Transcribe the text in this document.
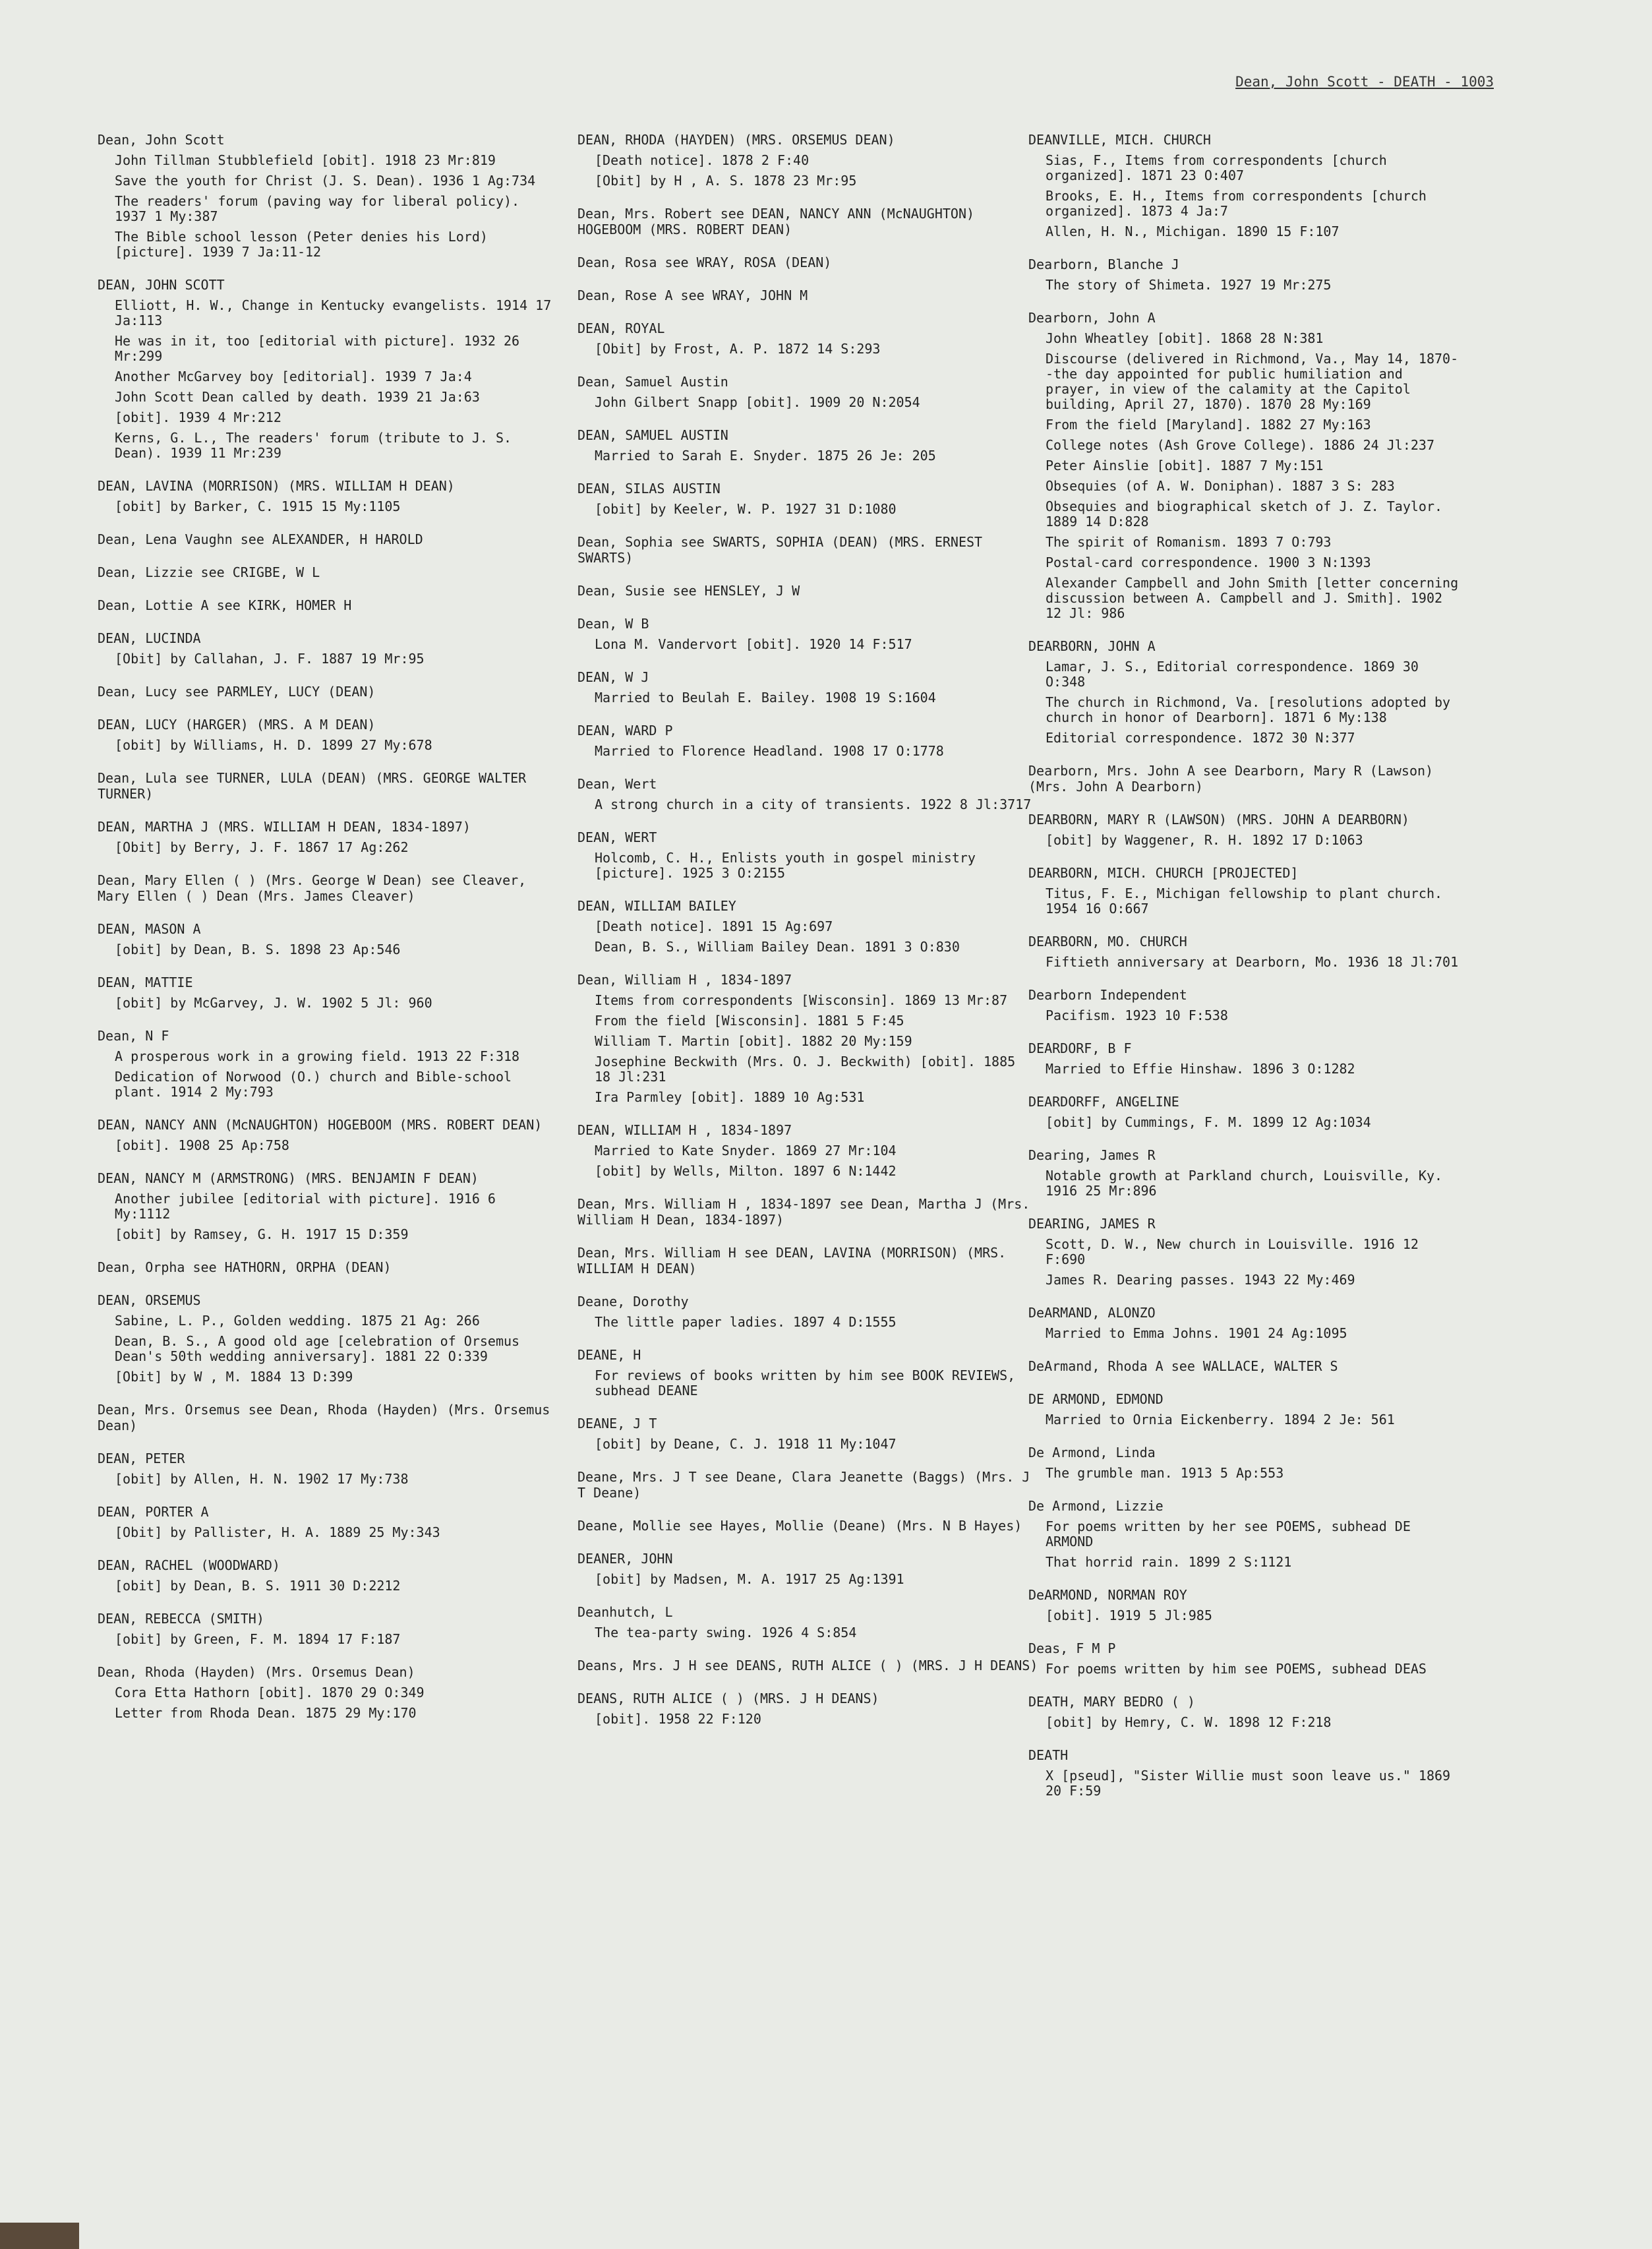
Dean, John Scott - DEATH - 1003
Dean, John Scott
John Tillman Stubblefield [obit]. 1918 23 Mr:819
Save the youth for Christ (J. S. Dean). 1936 1 Ag:734
The readers' forum (paving way for liberal policy). 1937 1 My:387
The Bible school lesson (Peter denies his Lord) [picture]. 1939 7 Ja:11-12
DEAN, JOHN SCOTT
Elliott, H. W., Change in Kentucky evangelists. 1914 17 Ja:113
He was in it, too [editorial with picture]. 1932 26 Mr:299
Another McGarvey boy [editorial]. 1939 7 Ja:4
John Scott Dean called by death. 1939 21 Ja:63
[obit]. 1939 4 Mr:212
Kerns, G. L., The readers' forum (tribute to J. S. Dean). 1939 11 Mr:239
DEAN, LAVINA (MORRISON) (MRS. WILLIAM H DEAN)
[obit] by Barker, C. 1915 15 My:1105
Dean, Lena Vaughn see ALEXANDER, H HAROLD
Dean, Lizzie see CRIGBE, W L
Dean, Lottie A see KIRK, HOMER H
DEAN, LUCINDA
[Obit] by Callahan, J. F. 1887 19 Mr:95
Dean, Lucy see PARMLEY, LUCY (DEAN)
DEAN, LUCY (HARGER) (MRS. A M DEAN)
[obit] by Williams, H. D. 1899 27 My:678
Dean, Lula see TURNER, LULA (DEAN) (MRS. GEORGE WALTER TURNER)
DEAN, MARTHA J (MRS. WILLIAM H DEAN, 1834-1897)
[Obit] by Berry, J. F. 1867 17 Ag:262
Dean, Mary Ellen ( ) (Mrs. George W Dean) see Cleaver, Mary Ellen ( ) Dean (Mrs. James Cleaver)
DEAN, MASON A
[obit] by Dean, B. S. 1898 23 Ap:546
DEAN, MATTIE
[obit] by McGarvey, J. W. 1902 5 Jl: 960
Dean, N F
A prosperous work in a growing field. 1913 22 F:318
Dedication of Norwood (O.) church and Bible-school plant. 1914 2 My:793
DEAN, NANCY ANN (McNAUGHTON) HOGEBOOM (MRS. ROBERT DEAN)
[obit]. 1908 25 Ap:758
DEAN, NANCY M (ARMSTRONG) (MRS. BENJAMIN F DEAN)
Another jubilee [editorial with picture]. 1916 6 My:1112
[obit] by Ramsey, G. H. 1917 15 D:359
Dean, Orpha see HATHORN, ORPHA (DEAN)
DEAN, ORSEMUS
Sabine, L. P., Golden wedding. 1875 21 Ag: 266
Dean, B. S., A good old age [celebration of Orsemus Dean's 50th wedding anniversary]. 1881 22 O:339
[Obit] by W , M. 1884 13 D:399
Dean, Mrs. Orsemus see Dean, Rhoda (Hayden) (Mrs. Orsemus Dean)
DEAN, PETER
[obit] by Allen, H. N. 1902 17 My:738
DEAN, PORTER A
[Obit] by Pallister, H. A. 1889 25 My:343
DEAN, RACHEL (WOODWARD)
[obit] by Dean, B. S. 1911 30 D:2212
DEAN, REBECCA (SMITH)
[obit] by Green, F. M. 1894 17 F:187
Dean, Rhoda (Hayden) (Mrs. Orsemus Dean)
Cora Etta Hathorn [obit]. 1870 29 O:349
Letter from Rhoda Dean. 1875 29 My:170
DEAN, RHODA (HAYDEN) (MRS. ORSEMUS DEAN)
[Death notice]. 1878 2 F:40
[Obit] by H , A. S. 1878 23 Mr:95
Dean, Mrs. Robert see DEAN, NANCY ANN (McNAUGHTON) HOGEBOOM (MRS. ROBERT DEAN)
Dean, Rosa see WRAY, ROSA (DEAN)
Dean, Rose A see WRAY, JOHN M
DEAN, ROYAL
[Obit] by Frost, A. P. 1872 14 S:293
Dean, Samuel Austin
John Gilbert Snapp [obit]. 1909 20 N:2054
DEAN, SAMUEL AUSTIN
Married to Sarah E. Snyder. 1875 26 Je: 205
DEAN, SILAS AUSTIN
[obit] by Keeler, W. P. 1927 31 D:1080
Dean, Sophia see SWARTS, SOPHIA (DEAN) (MRS. ERNEST SWARTS)
Dean, Susie see HENSLEY, J W
Dean, W B
Lona M. Vandervort [obit]. 1920 14 F:517
DEAN, W J
Married to Beulah E. Bailey. 1908 19 S:1604
DEAN, WARD P
Married to Florence Headland. 1908 17 O:1778
Dean, Wert
A strong church in a city of transients. 1922 8 Jl:3717
DEAN, WERT
Holcomb, C. H., Enlists youth in gospel ministry [picture]. 1925 3 O:2155
DEAN, WILLIAM BAILEY
[Death notice]. 1891 15 Ag:697
Dean, B. S., William Bailey Dean. 1891 3 O:830
Dean, William H , 1834-1897
Items from correspondents [Wisconsin]. 1869 13 Mr:87
From the field [Wisconsin]. 1881 5 F:45
William T. Martin [obit]. 1882 20 My:159
Josephine Beckwith (Mrs. O. J. Beckwith) [obit]. 1885 18 Jl:231
Ira Parmley [obit]. 1889 10 Ag:531
DEAN, WILLIAM H , 1834-1897
Married to Kate Snyder. 1869 27 Mr:104
[obit] by Wells, Milton. 1897 6 N:1442
Dean, Mrs. William H , 1834-1897 see Dean, Martha J (Mrs. William H Dean, 1834-1897)
Dean, Mrs. William H see DEAN, LAVINA (MORRISON) (MRS. WILLIAM H DEAN)
Deane, Dorothy
The little paper ladies. 1897 4 D:1555
DEANE, H
For reviews of books written by him see BOOK REVIEWS, subhead DEANE
DEANE, J T
[obit] by Deane, C. J. 1918 11 My:1047
Deane, Mrs. J T see Deane, Clara Jeanette (Baggs) (Mrs. J T Deane)
Deane, Mollie see Hayes, Mollie (Deane) (Mrs. N B Hayes)
DEANER, JOHN
[obit] by Madsen, M. A. 1917 25 Ag:1391
Deanhutch, L
The tea-party swing. 1926 4 S:854
Deans, Mrs. J H see DEANS, RUTH ALICE ( ) (MRS. J H DEANS)
DEANS, RUTH ALICE ( ) (MRS. J H DEANS)
[obit]. 1958 22 F:120
DEANVILLE, MICH. CHURCH
Sias, F., Items from correspondents [church organized]. 1871 23 O:407
Brooks, E. H., Items from correspondents [church organized]. 1873 4 Ja:7
Allen, H. N., Michigan. 1890 15 F:107
Dearborn, Blanche J
The story of Shimeta. 1927 19 Mr:275
Dearborn, John A
John Wheatley [obit]. 1868 28 N:381
Discourse (delivered in Richmond, Va., May 14, 1870--the day appointed for public humiliation and prayer, in view of the calamity at the Capitol building, April 27, 1870). 1870 28 My:169
From the field [Maryland]. 1882 27 My:163
College notes (Ash Grove College). 1886 24 Jl:237
Peter Ainslie [obit]. 1887 7 My:151
Obsequies (of A. W. Doniphan). 1887 3 S: 283
Obsequies and biographical sketch of J. Z. Taylor. 1889 14 D:828
The spirit of Romanism. 1893 7 O:793
Postal-card correspondence. 1900 3 N:1393
Alexander Campbell and John Smith [letter concerning discussion between A. Campbell and J. Smith]. 1902 12 Jl: 986
DEARBORN, JOHN A
Lamar, J. S., Editorial correspondence. 1869 30 O:348
The church in Richmond, Va. [resolutions adopted by church in honor of Dearborn]. 1871 6 My:138
Editorial correspondence. 1872 30 N:377
Dearborn, Mrs. John A see Dearborn, Mary R (Lawson) (Mrs. John A Dearborn)
DEARBORN, MARY R (LAWSON) (MRS. JOHN A DEARBORN)
[obit] by Waggener, R. H. 1892 17 D:1063
DEARBORN, MICH. CHURCH [PROJECTED]
Titus, F. E., Michigan fellowship to plant church. 1954 16 O:667
DEARBORN, MO. CHURCH
Fiftieth anniversary at Dearborn, Mo. 1936 18 Jl:701
Dearborn Independent
Pacifism. 1923 10 F:538
DEARDORF, B F
Married to Effie Hinshaw. 1896 3 O:1282
DEARDORFF, ANGELINE
[obit] by Cummings, F. M. 1899 12 Ag:1034
Dearing, James R
Notable growth at Parkland church, Louisville, Ky. 1916 25 Mr:896
DEARING, JAMES R
Scott, D. W., New church in Louisville. 1916 12 F:690
James R. Dearing passes. 1943 22 My:469
DeARMAND, ALONZO
Married to Emma Johns. 1901 24 Ag:1095
DeArmand, Rhoda A see WALLACE, WALTER S
DE ARMOND, EDMOND
Married to Ornia Eickenberry. 1894 2 Je: 561
De Armond, Linda
The grumble man. 1913 5 Ap:553
De Armond, Lizzie
For poems written by her see POEMS, subhead DE ARMOND
That horrid rain. 1899 2 S:1121
DeARMOND, NORMAN ROY
[obit]. 1919 5 Jl:985
Deas, F M P
For poems written by him see POEMS, subhead DEAS
DEATH, MARY BEDRO ( )
[obit] by Hemry, C. W. 1898 12 F:218
DEATH
X [pseud], "Sister Willie must soon leave us." 1869 20 F:59
